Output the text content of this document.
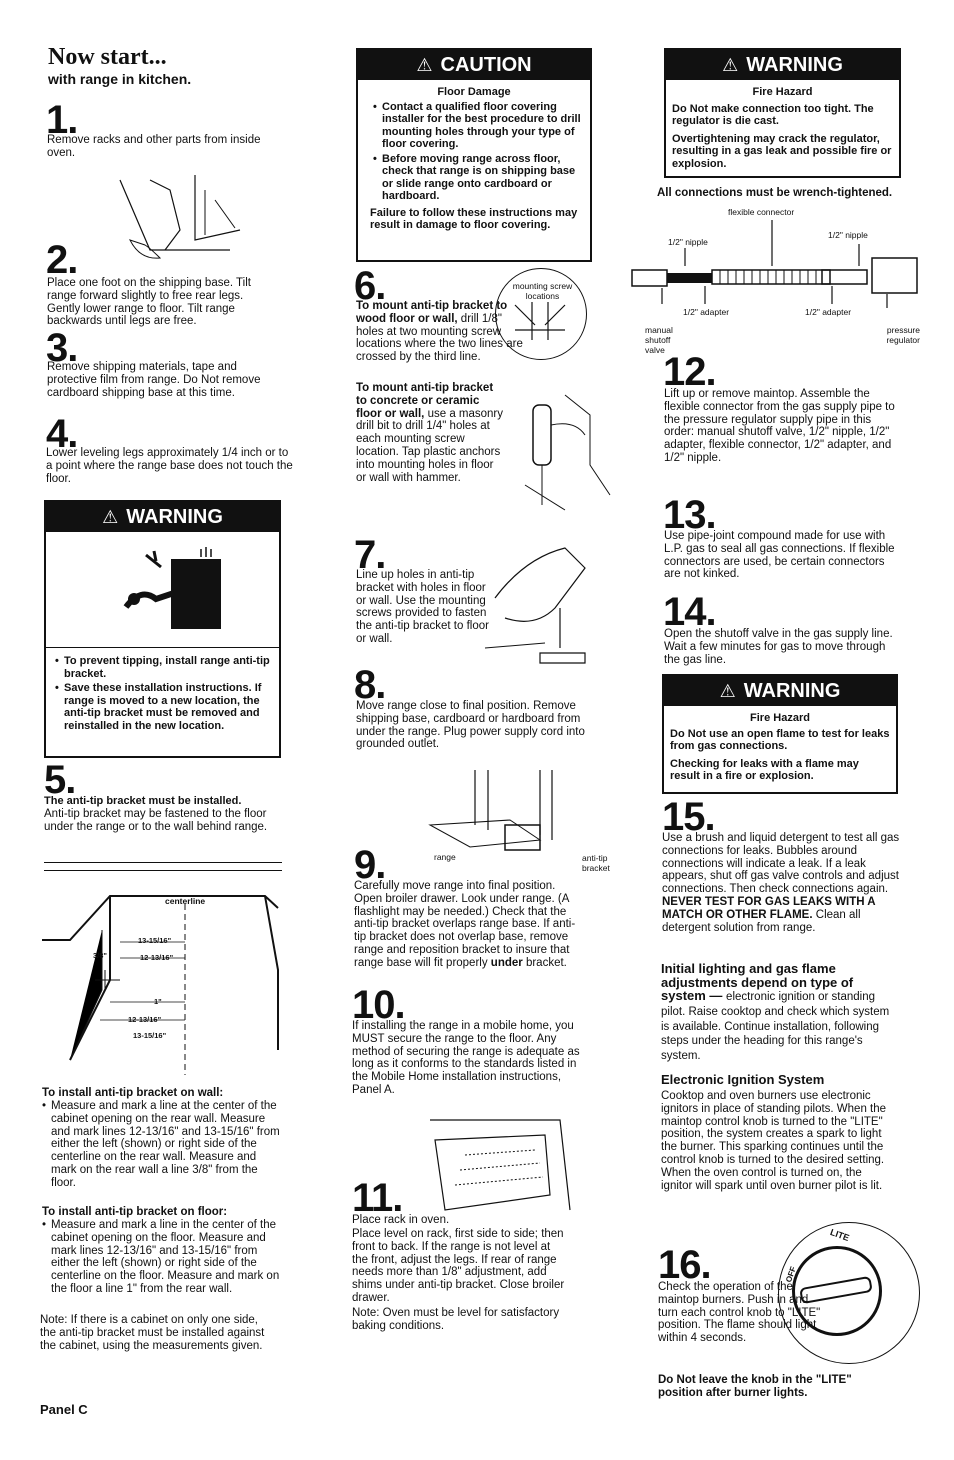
Now start...
with range in kitchen.
1.
Remove racks and other parts from inside oven.
2.
Place one foot on the shipping base. Tilt range forward slightly to free rear legs. Gently lower range to floor. Tilt range backwards until legs are free.
3.
Remove shipping materials, tape and protective film from range. Do Not remove cardboard shipping base at this time.
4.
Lower leveling legs approximately 1/4 inch or to a point where the range base does not touch the floor.
⚠ WARNING
• To prevent tipping, install range anti-tip bracket.
• Save these installation instructions. If range is moved to a new location, the anti-tip bracket must be removed and reinstalled in the new location.
5.
The anti-tip bracket must be installed.
Anti-tip bracket may be fastened to the floor under the range or to the wall behind range.
centerline
13-15/16"
12-13/16"
3/8"
1"
12-13/16"
13-15/16"
To install anti-tip bracket on wall:
• Measure and mark a line at the center of the cabinet opening on the rear wall. Measure and mark lines 12-13/16" and 13-15/16" from either the left (shown) or right side of the centerline on the rear wall. Measure and mark on the rear wall a line 3/8" from the floor.
To install anti-tip bracket on floor:
• Measure and mark a line in the center of the cabinet opening on the floor. Measure and mark lines 12-13/16" and 13-15/16" from either the left (shown) or right side of the centerline on the floor. Measure and mark on the floor a line 1" from the rear wall.
Note: If there is a cabinet on only one side, the anti-tip bracket must be installed against the cabinet, using the measurements given.
Panel C
⚠ CAUTION
Floor Damage
• Contact a qualified floor covering installer for the best procedure to drill mounting holes through your type of floor covering.
• Before moving range across floor, check that range is on shipping base or slide range onto cardboard or hardboard.
Failure to follow these instructions may result in damage to floor covering.
6.
To mount anti-tip bracket to wood floor or wall, drill 1/8" holes at two mounting screw locations where the two lines are crossed by the third line.
mounting screw locations
To mount anti-tip bracket to concrete or ceramic floor or wall, use a masonry drill bit to drill 1/4" holes at each mounting screw location. Tap plastic anchors into mounting holes in floor or wall with hammer.
7.
Line up holes in anti-tip bracket with holes in floor or wall. Use the mounting screws provided to fasten the anti-tip bracket to floor or wall.
8.
Move range close to final position. Remove shipping base, cardboard or hardboard from under the range. Plug power supply cord into grounded outlet.
9.	range	anti-tip bracket
Carefully move range into final position. Open broiler drawer. Look under range. (A flashlight may be needed.) Check that the anti-tip bracket overlaps range base. If anti-tip bracket does not overlap base, remove range and reposition bracket to insure that range base will fit properly under bracket.
10.
If installing the range in a mobile home, you MUST secure the range to the floor. Any method of securing the range is adequate as long as it conforms to the standards listed in the Mobile Home installation instructions, Panel A.
11.
Place rack in oven.
Place level on rack, first side to side; then front to back. If the range is not level at the front, adjust the legs. If rear of range needs more than 1/8" adjustment, add shims under anti-tip bracket. Close broiler drawer.
Note: Oven must be level for satisfactory baking conditions.
⚠ WARNING
Fire Hazard
Do Not make connection too tight. The regulator is die cast.
Overtightening may crack the regulator, resulting in a gas leak and possible fire or explosion.
All connections must be wrench-tightened.
flexible connector
1/2" nipple
1/2" nipple
1/2" adapter	1/2" adapter
manual shutoff valve
pressure regulator
12.
Lift up or remove maintop. Assemble the flexible connector from the gas supply pipe to the pressure regulator supply pipe in this order: manual shutoff valve, 1/2" nipple, 1/2" adapter, flexible connector, 1/2" adapter, and 1/2" nipple.
13.
Use pipe-joint compound made for use with L.P. gas to seal all gas connections. If flexible connectors are used, be certain connectors are not kinked.
14.
Open the shutoff valve in the gas supply line. Wait a few minutes for gas to move through the gas line.
⚠ WARNING
Fire Hazard
Do Not use an open flame to test for leaks from gas connections.
Checking for leaks with a flame may result in a fire or explosion.
15.
Use a brush and liquid detergent to test all gas connections for leaks. Bubbles around connections will indicate a leak. If a leak appears, shut off gas valve controls and adjust connections. Then check connections again. NEVER TEST FOR GAS LEAKS WITH A MATCH OR OTHER FLAME. Clean all detergent solution from range.
Initial lighting and gas flame adjustments depend on type of system — electronic ignition or standing pilot. Raise cooktop and check which system is available. Continue installation, following steps under the heading for this range's system.
Electronic Ignition System
Cooktop and oven burners use electronic ignitors in place of standing pilots. When the maintop control knob is turned to the "LITE" position, the system creates a spark to light the burner. This sparking continues until the control knob is turned to the desired setting. When the oven control is turned on, the ignitor will spark until oven burner pilot is lit.
16.
LITE
OFF
Check the operation of the maintop burners. Push in and turn each control knob to "LITE" position. The flame should light within 4 seconds.
Do Not leave the knob in the "LITE" position after burner lights.
